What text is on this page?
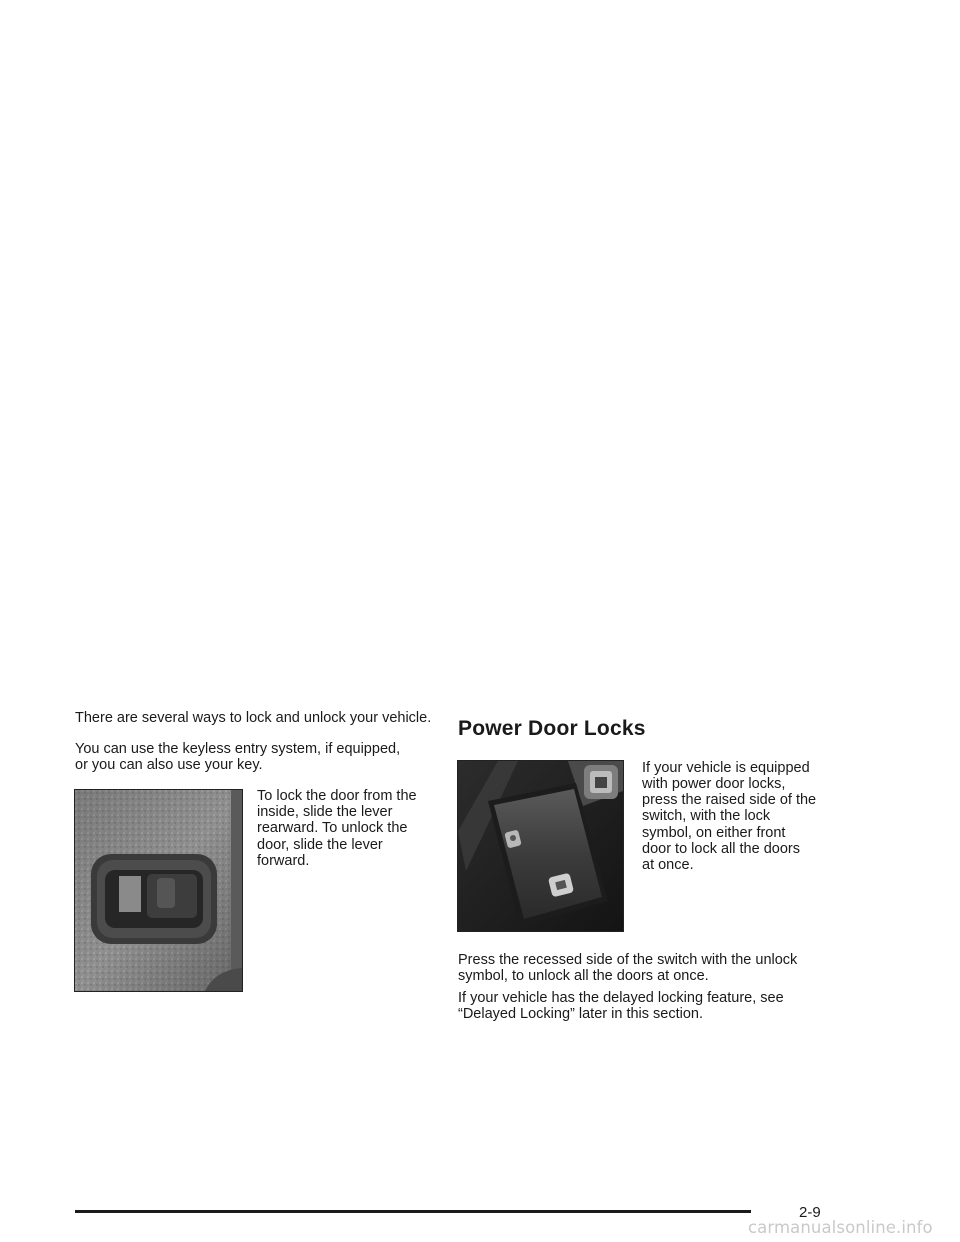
There are several ways to lock and unlock your vehicle.

You can use the keyless entry system, if equipped,

or you can also use your key.

To lock the door from the

inside, slide the lever

rearward. To unlock the

door, slide the lever

forward.

Power Door Locks

If your vehicle is equipped

with power door locks,

press the raised side of the

switch, with the lock

symbol, on either front

door to lock all the doors

at once.

Press the recessed side of the switch with the unlock

symbol, to unlock all the doors at once.

If your vehicle has the delayed locking feature, see

“Delayed Locking” later in this section.

2-9
carmanualsonline.info
